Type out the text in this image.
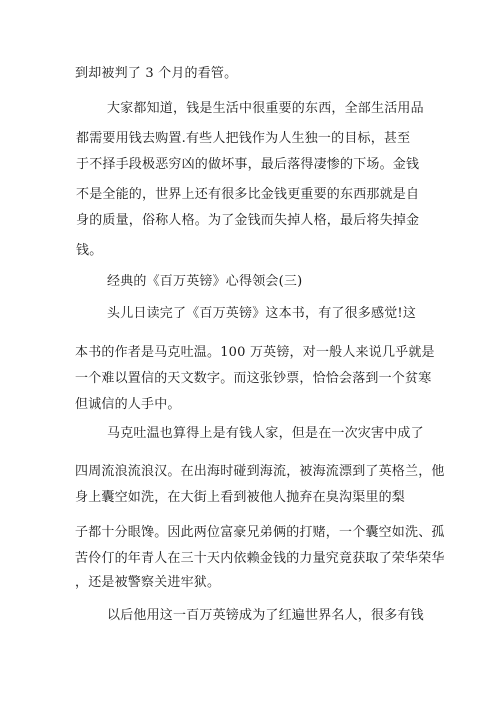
到却被判了 3 个月的看管。
大家都知道，钱是生活中很重要的东西，全部生活用品
都需要用钱去购置.有些人把钱作为人生独一的目标，甚至
于不择手段极恶穷凶的做坏事，最后落得凄惨的下场。金钱
不是全能的，世界上还有很多比金钱更重要的东西那就是自
身的质量，俗称人格。为了金钱而失掉人格，最后将失掉金
钱。
经典的《百万英镑》心得领会(三)
头儿日读完了《百万英镑》这本书，有了很多感觉!这
本书的作者是马克吐温。100 万英镑，对一般人来说几乎就是
一个难以置信的天文数字。而这张钞票，恰恰会落到一个贫寒
但诚信的人手中。
马克吐温也算得上是有钱人家，但是在一次灾害中成了
四周流浪流浪汉。在出海时碰到海流，被海流漂到了英格兰，他
身上囊空如洗，在大街上看到被他人抛弃在臭沟渠里的梨
子都十分眼馋。因此两位富豪兄弟俩的打赌，一个囊空如洗、孤
苦伶仃的年青人在三十天内依赖金钱的力量究竟获取了荣华荣华
，还是被警察关进牢狱。
以后他用这一百万英镑成为了红遍世界名人，很多有钱
